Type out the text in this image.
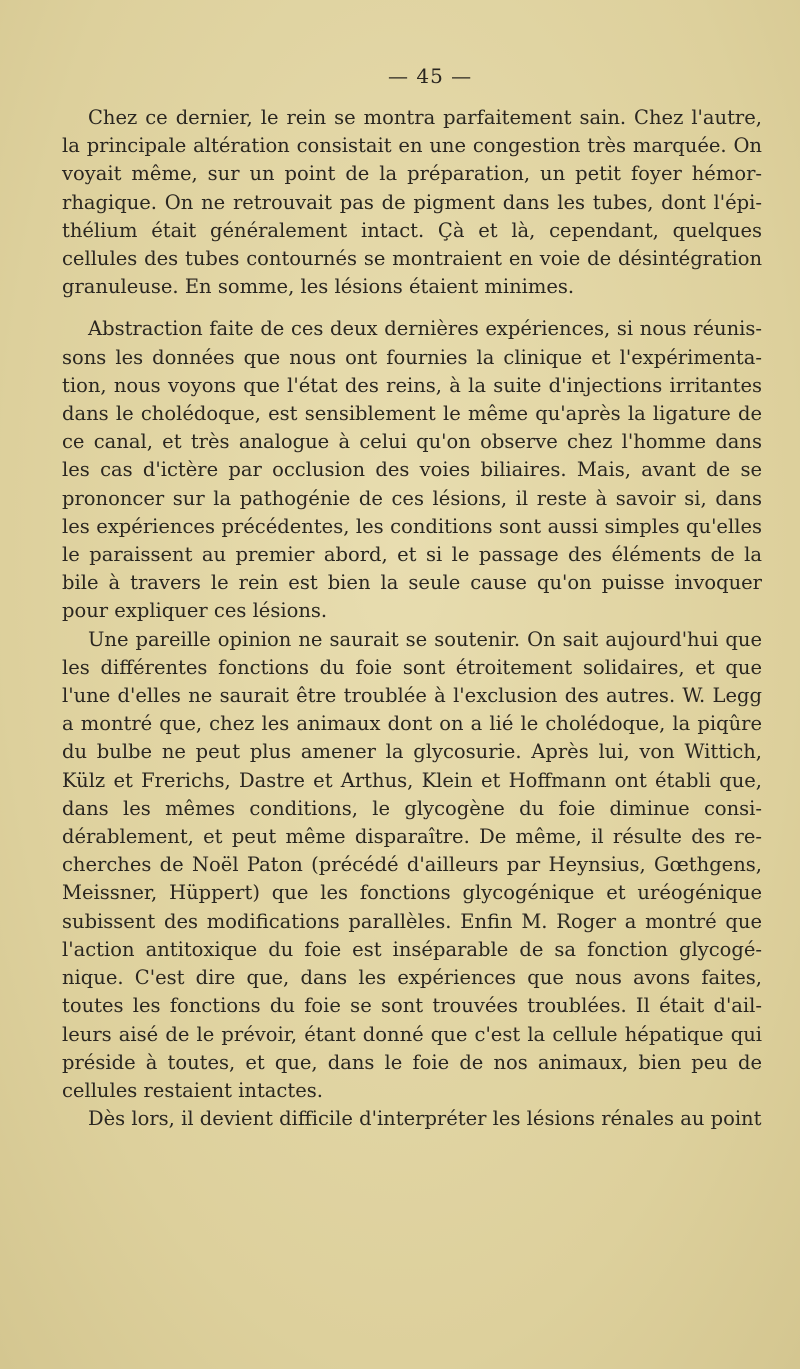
— 45 —

Chez ce dernier, le rein se montra parfaitement sain. Chez l'autre, la principale altération consistait en une congestion très marquée. On voyait même, sur un point de la préparation, un petit foyer hémorrhagique. On ne retrouvait pas de pigment dans les tubes, dont l'épithélium était généralement intact. Çà et là, cependant, quelques cellules des tubes contournés se montraient en voie de désintégration granuleuse. En somme, les lésions étaient minimes.

Abstraction faite de ces deux dernières expériences, si nous réunissons les données que nous ont fournies la clinique et l'expérimentation, nous voyons que l'état des reins, à la suite d'injections irritantes dans le cholédoque, est sensiblement le même qu'après la ligature de ce canal, et très analogue à celui qu'on observe chez l'homme dans les cas d'ictère par occlusion des voies biliaires. Mais, avant de se prononcer sur la pathogénie de ces lésions, il reste à savoir si, dans les expériences précédentes, les conditions sont aussi simples qu'elles le paraissent au premier abord, et si le passage des éléments de la bile à travers le rein est bien la seule cause qu'on puisse invoquer pour expliquer ces lésions.

Une pareille opinion ne saurait se soutenir. On sait aujourd'hui que les différentes fonctions du foie sont étroitement solidaires, et que l'une d'elles ne saurait être troublée à l'exclusion des autres. W. Legg a montré que, chez les animaux dont on a lié le cholédoque, la piqûre du bulbe ne peut plus amener la glycosurie. Après lui, von Wittich, Külz et Frerichs, Dastre et Arthus, Klein et Hoffmann ont établi que, dans les mêmes conditions, le glycogène du foie diminue considérablement, et peut même disparaître. De même, il résulte des recherches de Noël Paton (précédé d'ailleurs par Heynsius, Gœthgens, Meissner, Hüppert) que les fonctions glycogénique et uréogénique subissent des modifications parallèles. Enfin M. Roger a montré que l'action antitoxique du foie est inséparable de sa fonction glycogénique. C'est dire que, dans les expériences que nous avons faites, toutes les fonctions du foie se sont trouvées troublées. Il était d'ailleurs aisé de le prévoir, étant donné que c'est la cellule hépatique qui préside à toutes, et que, dans le foie de nos animaux, bien peu de cellules restaient intactes.

Dès lors, il devient difficile d'interpréter les lésions rénales au point
